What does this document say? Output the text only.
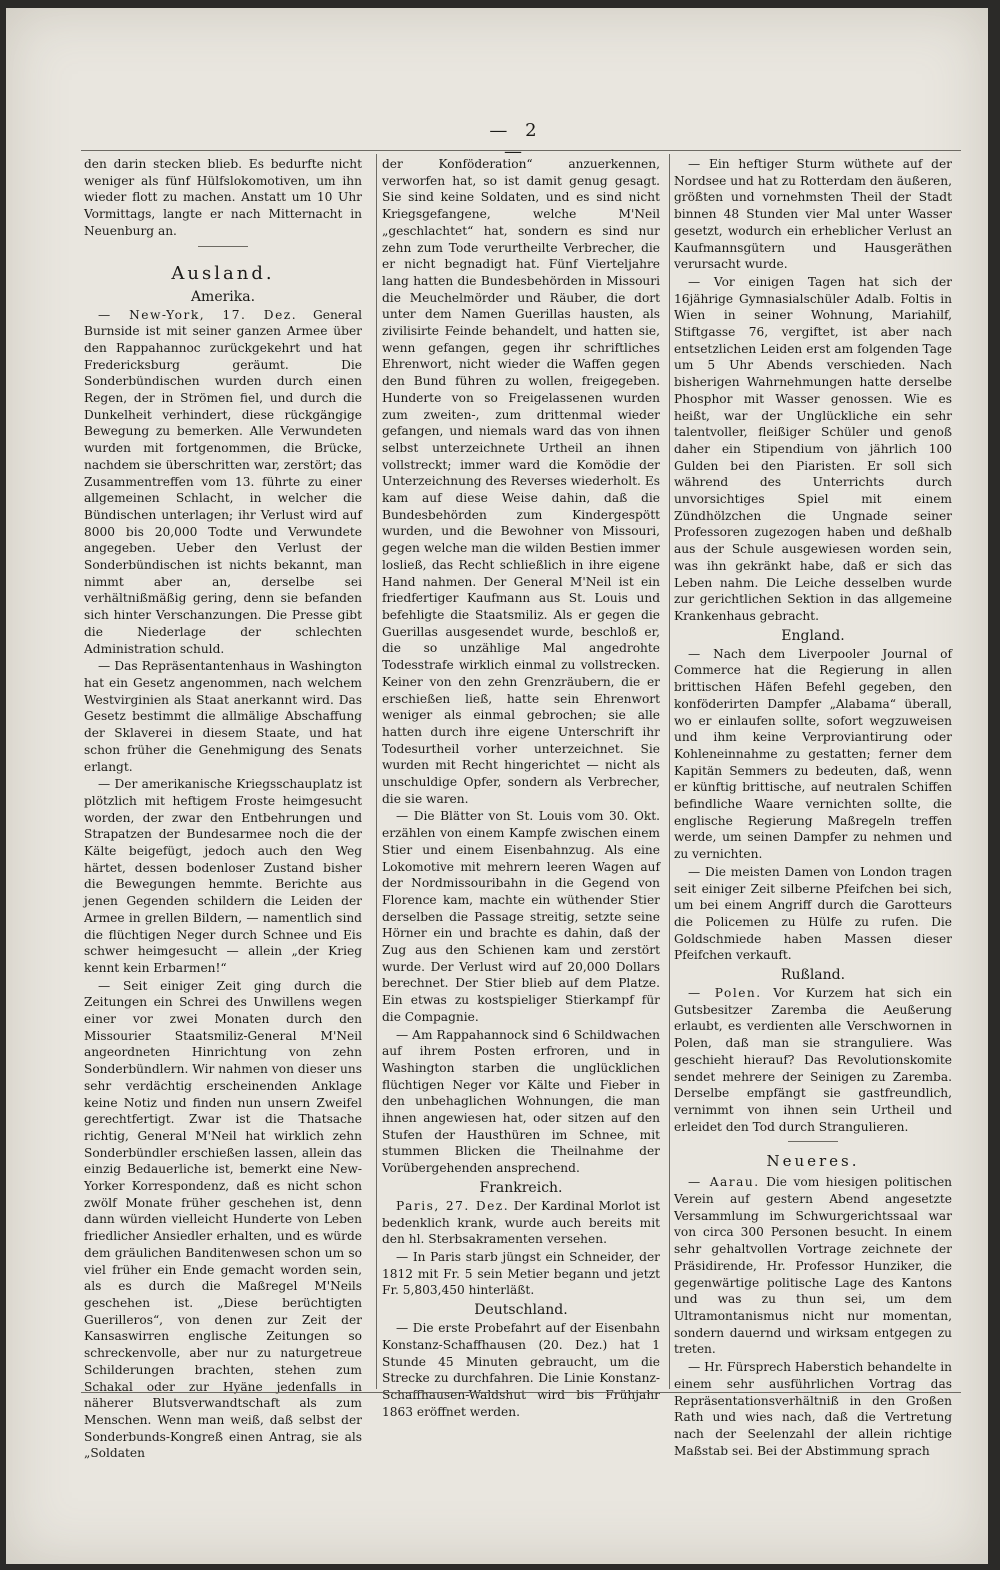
— 2 —

den darin stecken blieb. Es bedurfte nicht weniger als fünf Hülfslokomotiven, um ihn wieder flott zu machen. Anstatt um 10 Uhr Vormittags, langte er nach Mitternacht in Neuenburg an.

Ausland.
Amerika.

— New-York, 17. Dez. General Burnside ist mit seiner ganzen Armee über den Rappahannoc zurückgekehrt und hat Fredericksburg geräumt. Die Sonderbündischen wurden durch einen Regen, der in Strömen fiel, und durch die Dunkelheit verhindert, diese rückgängige Bewegung zu bemerken. Alle Verwundeten wurden mit fortgenommen, die Brücke, nachdem sie überschritten war, zerstört; das Zusammentreffen vom 13. führte zu einer allgemeinen Schlacht, in welcher die Bündischen unterlagen; ihr Verlust wird auf 8000 bis 20,000 Todte und Verwundete angegeben. Ueber den Verlust der Sonderbündischen ist nichts bekannt, man nimmt aber an, derselbe sei verhältnißmäßig gering, denn sie befanden sich hinter Verschanzungen. Die Presse gibt die Niederlage der schlechten Administration schuld.

— Das Repräsentantenhaus in Washington hat ein Gesetz angenommen, nach welchem Westvirginien als Staat anerkannt wird. Das Gesetz bestimmt die allmälige Abschaffung der Sklaverei in diesem Staate, und hat schon früher die Genehmigung des Senats erlangt.

— Der amerikanische Kriegsschauplatz ist plötzlich mit heftigem Froste heimgesucht worden, der zwar den Entbehrungen und Strapatzen der Bundesarmee noch die der Kälte beigefügt, jedoch auch den Weg härtet, dessen bodenloser Zustand bisher die Bewegungen hemmte. Berichte aus jenen Gegenden schildern die Leiden der Armee in grellen Bildern, — namentlich sind die flüchtigen Neger durch Schnee und Eis schwer heimgesucht — allein „der Krieg kennt kein Erbarmen!“

— Seit einiger Zeit ging durch die Zeitungen ein Schrei des Unwillens wegen einer vor zwei Monaten durch den Missourier Staatsmiliz-General M'Neil angeordneten Hinrichtung von zehn Sonderbündlern. Wir nahmen von dieser uns sehr verdächtig erscheinenden Anklage keine Notiz und finden nun unsern Zweifel gerechtfertigt. Zwar ist die Thatsache richtig, General M'Neil hat wirklich zehn Sonderbündler erschießen lassen, allein das einzig Bedauerliche ist, bemerkt eine New-Yorker Korrespondenz, daß es nicht schon zwölf Monate früher geschehen ist, denn dann würden vielleicht Hunderte von Leben friedlicher Ansiedler erhalten, und es würde dem gräulichen Banditenwesen schon um so viel früher ein Ende gemacht worden sein, als es durch die Maßregel M'Neils geschehen ist. „Diese berüchtigten Guerilleros“, von denen zur Zeit der Kansaswirren englische Zeitungen so schreckenvolle, aber nur zu naturgetreue Schilderungen brachten, stehen zum Schakal oder zur Hyäne jedenfalls in näherer Blutsverwandtschaft als zum Menschen. Wenn man weiß, daß selbst der Sonderbunds-Kongreß einen Antrag, sie als „Soldaten

der Konföderation“ anzuerkennen, verworfen hat, so ist damit genug gesagt. Sie sind keine Soldaten, und es sind nicht Kriegsgefangene, welche M'Neil „geschlachtet“ hat, sondern es sind nur zehn zum Tode verurtheilte Verbrecher, die er nicht begnadigt hat. Fünf Vierteljahre lang hatten die Bundesbehörden in Missouri die Meuchelmörder und Räuber, die dort unter dem Namen Guerillas hausten, als zivilisirte Feinde behandelt, und hatten sie, wenn gefangen, gegen ihr schriftliches Ehrenwort, nicht wieder die Waffen gegen den Bund führen zu wollen, freigegeben. Hunderte von so Freigelassenen wurden zum zweiten-, zum drittenmal wieder gefangen, und niemals ward das von ihnen selbst unterzeichnete Urtheil an ihnen vollstreckt; immer ward die Komödie der Unterzeichnung des Reverses wiederholt. Es kam auf diese Weise dahin, daß die Bundesbehörden zum Kindergespött wurden, und die Bewohner von Missouri, gegen welche man die wilden Bestien immer losließ, das Recht schließlich in ihre eigene Hand nahmen. Der General M'Neil ist ein friedfertiger Kaufmann aus St. Louis und befehligte die Staatsmiliz. Als er gegen die Guerillas ausgesendet wurde, beschloß er, die so unzählige Mal angedrohte Todesstrafe wirklich einmal zu vollstrecken. Keiner von den zehn Grenzräubern, die er erschießen ließ, hatte sein Ehrenwort weniger als einmal gebrochen; sie alle hatten durch ihre eigene Unterschrift ihr Todesurtheil vorher unterzeichnet. Sie wurden mit Recht hingerichtet — nicht als unschuldige Opfer, sondern als Verbrecher, die sie waren.

— Die Blätter von St. Louis vom 30. Okt. erzählen von einem Kampfe zwischen einem Stier und einem Eisenbahnzug. Als eine Lokomotive mit mehrern leeren Wagen auf der Nordmissouribahn in die Gegend von Florence kam, machte ein wüthender Stier derselben die Passage streitig, setzte seine Hörner ein und brachte es dahin, daß der Zug aus den Schienen kam und zerstört wurde. Der Verlust wird auf 20,000 Dollars berechnet. Der Stier blieb auf dem Platze. Ein etwas zu kostspieliger Stierkampf für die Compagnie.

— Am Rappahannock sind 6 Schildwachen auf ihrem Posten erfroren, und in Washington starben die unglücklichen flüchtigen Neger vor Kälte und Fieber in den unbehaglichen Wohnungen, die man ihnen angewiesen hat, oder sitzen auf den Stufen der Hausthüren im Schnee, mit stummen Blicken die Theilnahme der Vorübergehenden ansprechend.

Frankreich.

Paris, 27. Dez. Der Kardinal Morlot ist bedenklich krank, wurde auch bereits mit den hl. Sterbsakramenten versehen.

— In Paris starb jüngst ein Schneider, der 1812 mit Fr. 5 sein Metier begann und jetzt Fr. 5,803,450 hinterläßt.

Deutschland.

— Die erste Probefahrt auf der Eisenbahn Konstanz-Schaffhausen (20. Dez.) hat 1 Stunde 45 Minuten gebraucht, um die Strecke zu durchfahren. Die Linie Konstanz-Schaffhausen-Waldshut wird bis Frühjahr 1863 eröffnet werden.

— Ein heftiger Sturm wüthete auf der Nordsee und hat zu Rotterdam den äußeren, größten und vornehmsten Theil der Stadt binnen 48 Stunden vier Mal unter Wasser gesetzt, wodurch ein erheblicher Verlust an Kaufmannsgütern und Hausgeräthen verursacht wurde.

— Vor einigen Tagen hat sich der 16jährige Gymnasialschüler Adalb. Foltis in Wien in seiner Wohnung, Mariahilf, Stiftgasse 76, vergiftet, ist aber nach entsetzlichen Leiden erst am folgenden Tage um 5 Uhr Abends verschieden. Nach bisherigen Wahrnehmungen hatte derselbe Phosphor mit Wasser genossen. Wie es heißt, war der Unglückliche ein sehr talentvoller, fleißiger Schüler und genoß daher ein Stipendium von jährlich 100 Gulden bei den Piaristen. Er soll sich während des Unterrichts durch unvorsichtiges Spiel mit einem Zündhölzchen die Ungnade seiner Professoren zugezogen haben und deßhalb aus der Schule ausgewiesen worden sein, was ihn gekränkt habe, daß er sich das Leben nahm. Die Leiche desselben wurde zur gerichtlichen Sektion in das allgemeine Krankenhaus gebracht.

England.

— Nach dem Liverpooler Journal of Commerce hat die Regierung in allen brittischen Häfen Befehl gegeben, den konföderirten Dampfer „Alabama“ überall, wo er einlaufen sollte, sofort wegzuweisen und ihm keine Verproviantirung oder Kohleneinnahme zu gestatten; ferner dem Kapitän Semmers zu bedeuten, daß, wenn er künftig brittische, auf neutralen Schiffen befindliche Waare vernichten sollte, die englische Regierung Maßregeln treffen werde, um seinen Dampfer zu nehmen und zu vernichten.

— Die meisten Damen von London tragen seit einiger Zeit silberne Pfeifchen bei sich, um bei einem Angriff durch die Garotteurs die Policemen zu Hülfe zu rufen. Die Goldschmiede haben Massen dieser Pfeifchen verkauft.

Rußland.

— Polen. Vor Kurzem hat sich ein Gutsbesitzer Zaremba die Aeußerung erlaubt, es verdienten alle Verschwornen in Polen, daß man sie stranguliere. Was geschieht hierauf? Das Revolutionskomite sendet mehrere der Seinigen zu Zaremba. Derselbe empfängt sie gastfreundlich, vernimmt von ihnen sein Urtheil und erleidet den Tod durch Strangulieren.

Neueres.

— Aarau. Die vom hiesigen politischen Verein auf gestern Abend angesetzte Versammlung im Schwurgerichtssaal war von circa 300 Personen besucht. In einem sehr gehaltvollen Vortrage zeichnete der Präsidirende, Hr. Professor Hunziker, die gegenwärtige politische Lage des Kantons und was zu thun sei, um dem Ultramontanismus nicht nur momentan, sondern dauernd und wirksam entgegen zu treten.

— Hr. Fürsprech Haberstich behandelte in einem sehr ausführlichen Vortrag das Repräsentationsverhältniß in den Großen Rath und wies nach, daß die Vertretung nach der Seelenzahl der allein richtige Maßstab sei. Bei der Abstimmung sprach
